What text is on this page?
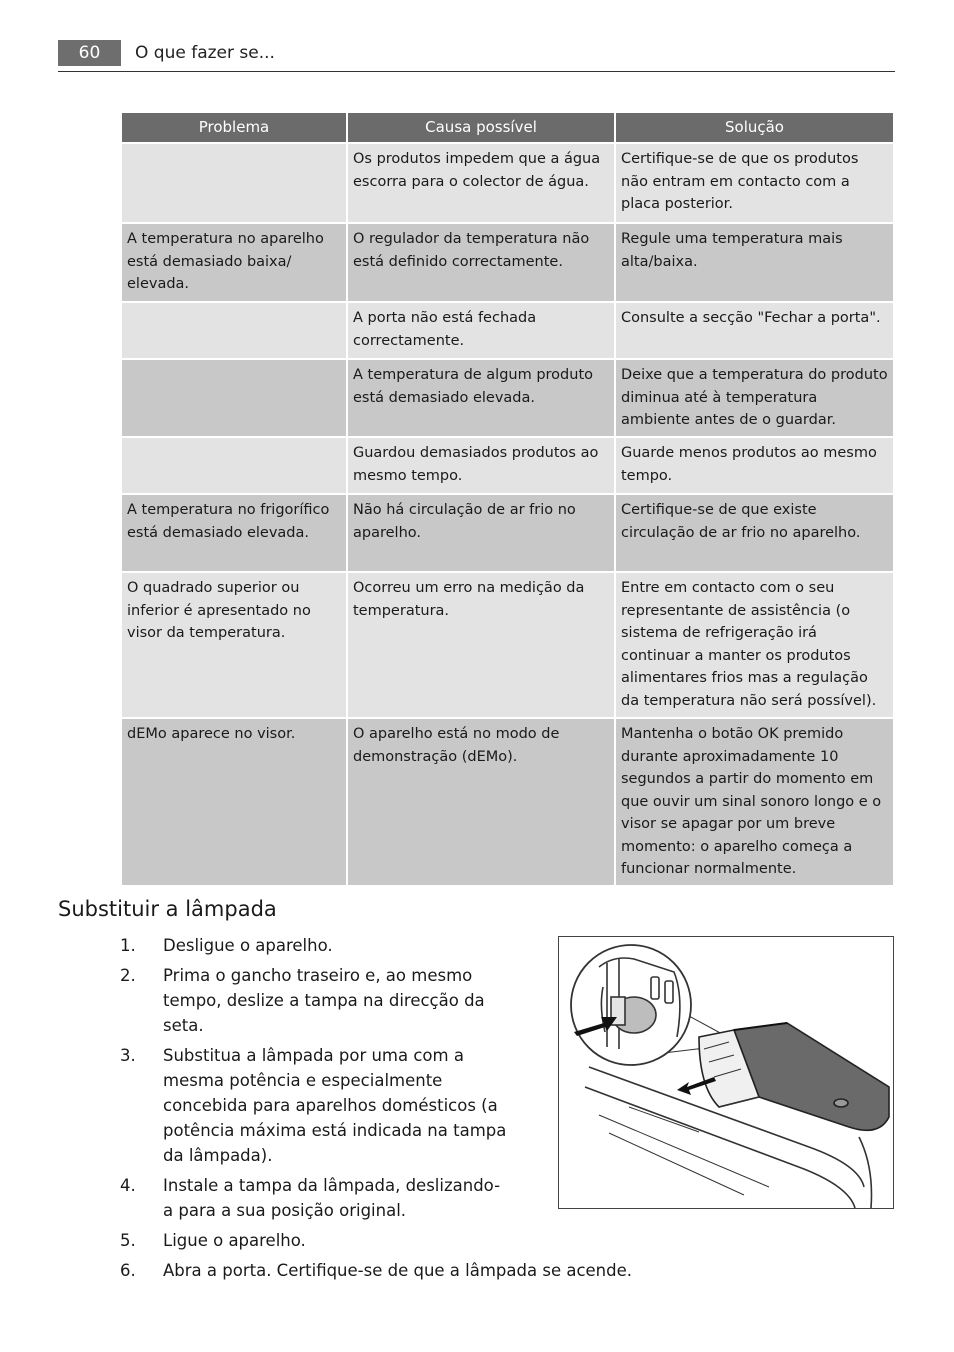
60	O que fazer se...
Problema	Causa possível	Solução
	Os produtos impedem que a água escorra para o colector de água.	Certifique-se de que os produtos não entram em contacto com a placa posterior.
A temperatura no aparelho está demasiado baixa/ elevada.	O regulador da temperatura não está definido correctamente.	Regule uma temperatura mais alta/baixa.
	A porta não está fechada correctamente.	Consulte a secção "Fechar a porta".
	A temperatura de algum produto está demasiado elevada.	Deixe que a temperatura do produto diminua até à temperatura ambiente antes de o guardar.
	Guardou demasiados produtos ao mesmo tempo.	Guarde menos produtos ao mesmo tempo.
A temperatura no frigorífico está demasiado elevada.	Não há circulação de ar frio no aparelho.	Certifique-se de que existe circulação de ar frio no aparelho.
O quadrado superior ou inferior é apresentado no visor da temperatura.	Ocorreu um erro na medição da temperatura.	Entre em contacto com o seu representante de assistência (o sistema de refrigeração irá continuar a manter os produtos alimentares frios mas a regulação da temperatura não será possível).
dEMo aparece no visor.	O aparelho está no modo de demonstração (dEMo).	Mantenha o botão OK premido durante aproximadamente 10 segundos a partir do momento em que ouvir um sinal sonoro longo e o visor se apagar por um breve momento: o aparelho começa a funcionar normalmente.
Substituir a lâmpada
1.	Desligue o aparelho.
2.	Prima o gancho traseiro e, ao mesmo tempo, deslize a tampa na direcção da seta.
3.	Substitua a lâmpada por uma com a mesma potência e especialmente concebida para aparelhos domésticos (a potência máxima está indicada na tampa da lâmpada).
4.	Instale a tampa da lâmpada, deslizando-a para a sua posição original.
5.	Ligue o aparelho.
6.	Abra a porta. Certifique-se de que a lâmpada se acende.
